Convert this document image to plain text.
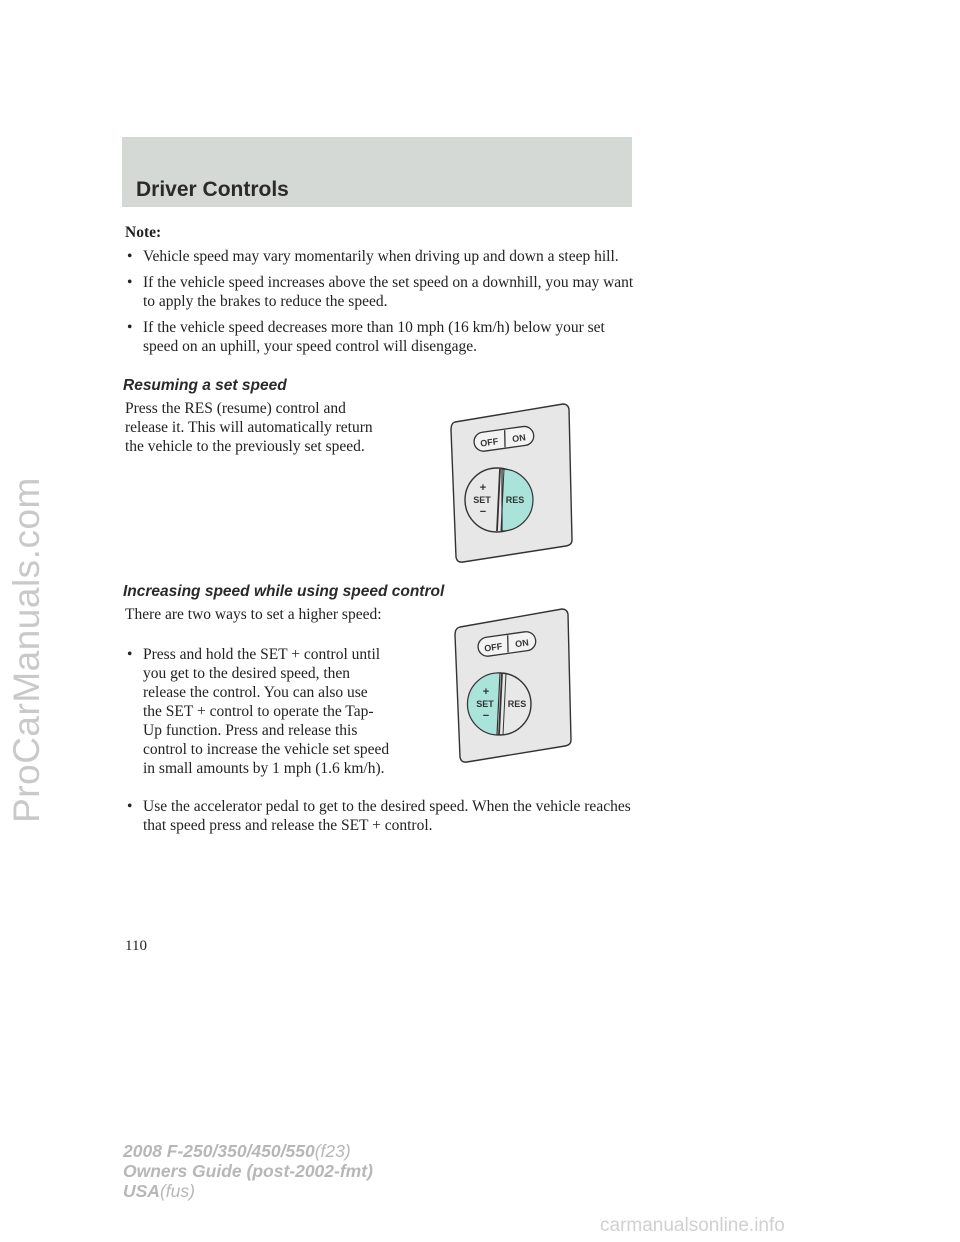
ProCarManuals.com
Driver Controls
Note:
• Vehicle speed may vary momentarily when driving up and down a steep hill.
• If the vehicle speed increases above the set speed on a downhill, you may want to apply the brakes to reduce the speed.
• If the vehicle speed decreases more than 10 mph (16 km/h) below your set speed on an uphill, your speed control will disengage.
Resuming a set speed
Press the RES (resume) control and release it. This will automatically return the vehicle to the previously set speed.	OFF ON
+
SET
−
RES
Increasing speed while using speed control
There are two ways to set a higher speed:
• Press and hold the SET + control until you get to the desired speed, then release the control. You can also use the SET + control to operate the Tap-Up function. Press and release this control to increase the vehicle set speed in small amounts by 1 mph (1.6 km/h).
• Use the accelerator pedal to get to the desired speed. When the vehicle reaches that speed press and release the SET + control.
OFF ON
+
SET
−
RES
110
2008 F-250/350/450/550(f23)
Owners Guide (post-2002-fmt)
USA(fus)
carmanualsonline.info
